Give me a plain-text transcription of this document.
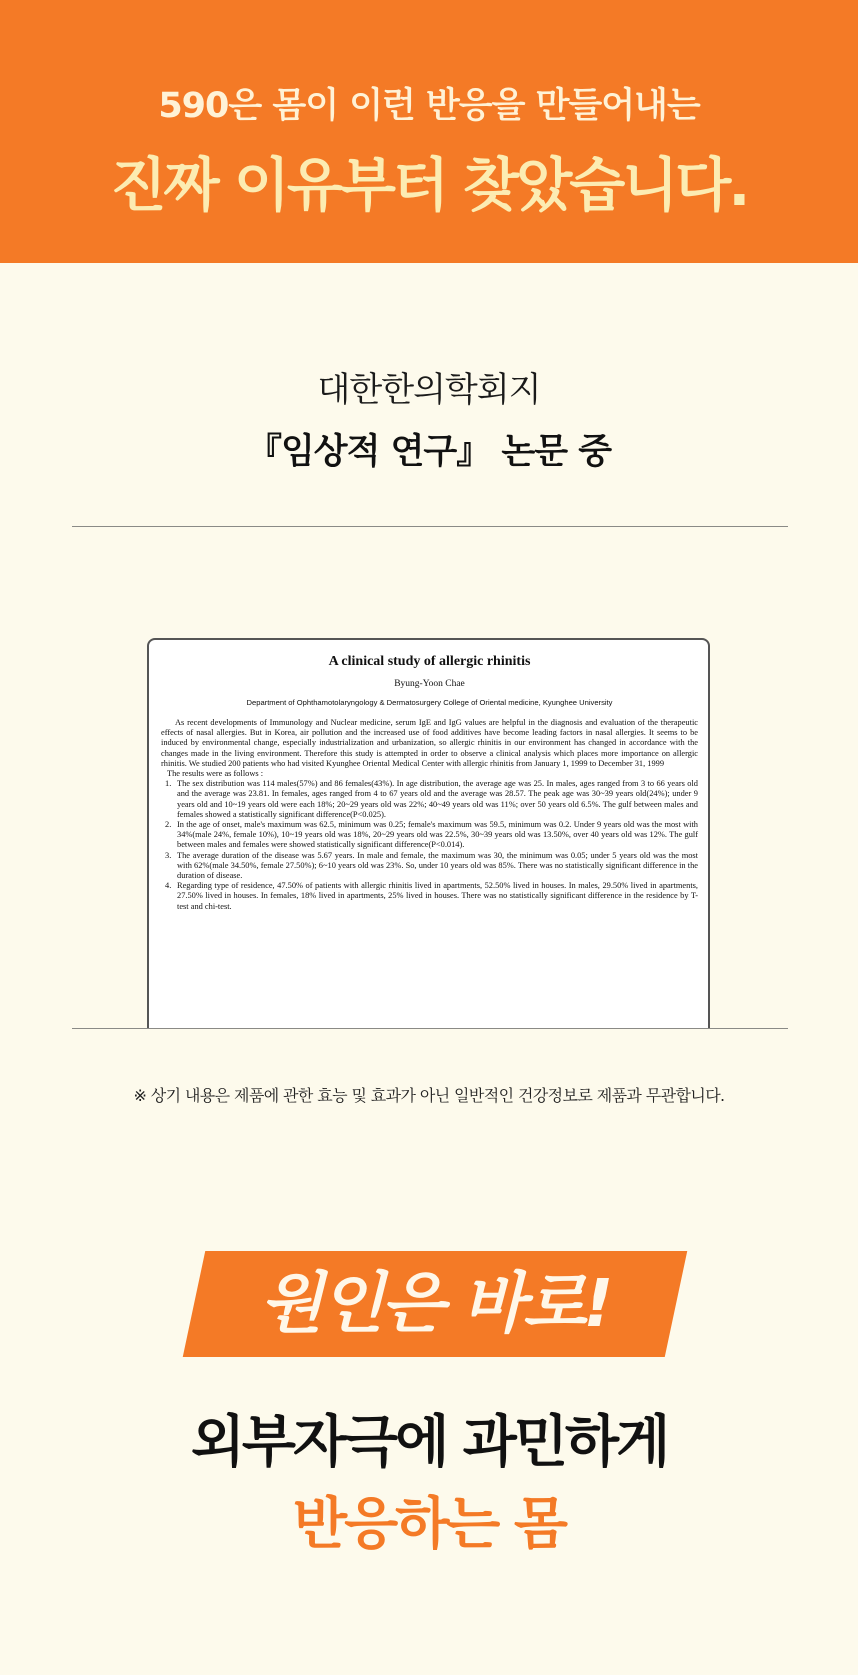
590은 몸이 이런 반응을 만들어내는
진짜 이유부터 찾았습니다.
대한한의학회지
『임상적 연구』 논문 중
A clinical study of allergic rhinitis
Byung-Yoon Chae
Department of Ophthamotolaryngology & Dermatosurgery College of Oriental medicine, Kyunghee University
As recent developments of Immunology and Nuclear medicine, serum IgE and IgG values are helpful in the diagnosis and evaluation of the therapeutic effects of nasal allergies. But in Korea, air pollution and the increased use of food additives have become leading factors in nasal allergies. It seems to be induced by environmental change, especially industrialization and urbanization, so allergic rhinitis in our environment has changed in accordance with the changes made in the living environment. Therefore this study is attempted in order to observe a clinical analysis which places more importance on allergic rhinitis. We studied 200 patients who had visited Kyunghee Oriental Medical Center with allergic rhinitis from January 1, 1999 to December 31, 1999
The results were as follows :
1. The sex distribution was 114 males(57%) and 86 females(43%). In age distribution, the average age was 25. In males, ages ranged from 3 to 66 years old and the average was 23.81. In females, ages ranged from 4 to 67 years old and the average was 28.57. The peak age was 30~39 years old(24%); under 9 years old and 10~19 years old were each 18%; 20~29 years old was 22%; 40~49 years old was 11%; over 50 years old 6.5%. The gulf between males and females showed a statistically significant difference(P<0.025).
2. In the age of onset, male's maximum was 62.5, minimum was 0.25; female's maximum was 59.5, minimum was 0.2. Under 9 years old was the most with 34%(male 24%, female 10%), 10~19 years old was 18%, 20~29 years old was 22.5%, 30~39 years old was 13.50%, over 40 years old was 12%. The gulf between males and females were showed statistically significant difference(P<0.014).
3. The average duration of the disease was 5.67 years. In male and female, the maximum was 30, the minimum was 0.05; under 5 years old was the most with 62%(male 34.50%, female 27.50%); 6~10 years old was 23%. So, under 10 years old was 85%. There was no statistically significant difference in the duration of disease.
4. Regarding type of residence, 47.50% of patients with allergic rhinitis lived in apartments, 52.50% lived in houses. In males, 29.50% lived in apartments, 27.50% lived in houses. In females, 18% lived in apartments, 25% lived in houses. There was no statistically significant difference in the residence by T-test and chi-test.
※ 상기 내용은 제품에 관한 효능 및 효과가 아닌 일반적인 건강정보로 제품과 무관합니다.
원인은 바로!
외부자극에 과민하게
반응하는 몸
